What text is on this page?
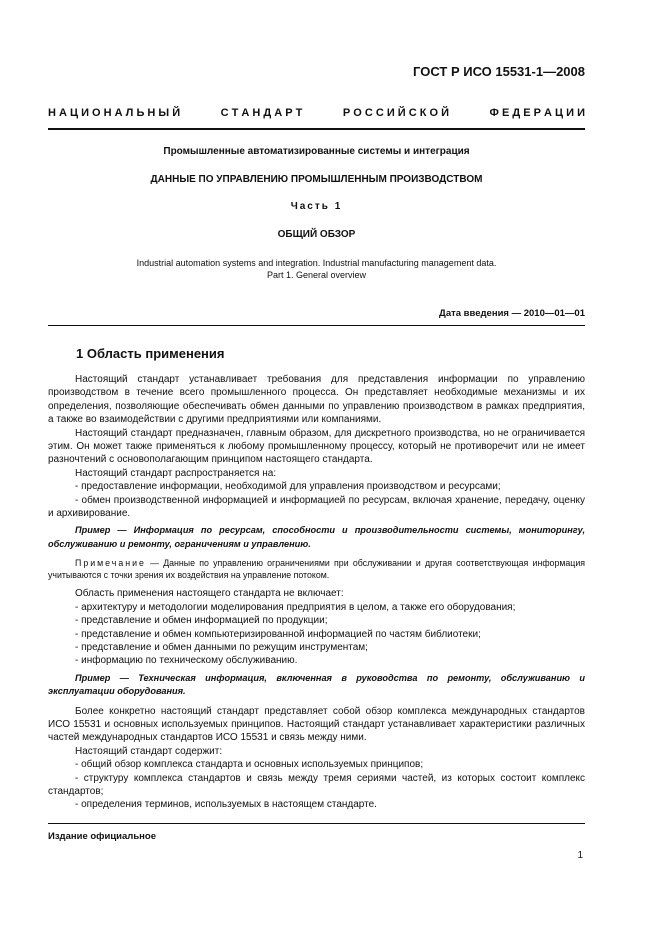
ГОСТ Р ИСО 15531-1—2008
Н А Ц И О Н А Л Ь Н Ы Й	С Т А Н Д А Р Т	Р О С С И Й С К О Й	Ф Е Д Е Р А Ц И И
Промышленные автоматизированные системы и интеграция
ДАННЫЕ ПО УПРАВЛЕНИЮ ПРОМЫШЛЕННЫМ ПРОИЗВОДСТВОМ
Часть 1
ОБЩИЙ ОБЗОР
Industrial automation systems and integration. Industrial manufacturing management data.
Part 1. General overview
Дата введения — 2010—01—01
1 Область применения

Настоящий стандарт устанавливает требования для представления информации по управлению производством в течение всего промышленного процесса. Он представляет необходимые механизмы и их определения, позволяющие обеспечивать обмен данными по управлению производством в рамках предприятия, а также во взаимодействии с другими предприятиями или компаниями.

Настоящий стандарт предназначен, главным образом, для дискретного производства, но не ограничивается этим. Он может также применяться к любому промышленному процессу, который не противоречит или не имеет разночтений с основополагающим принципом настоящего стандарта.

Настоящий стандарт распространяется на:

- предоставление информации, необходимой для управления производством и ресурсами;

- обмен производственной информацией и информацией по ресурсам, включая хранение, передачу, оценку и архивирование.

Пример — Информация по ресурсам, способности и производительности системы, мониторингу, обслуживанию и ремонту, ограничениям и управлению.

Примечание — Данные по управлению ограничениями при обслуживании и другая соответствующая информация учитываются с точки зрения их воздействия на управление потоком.

Область применения настоящего стандарта не включает:

- архитектуру и методологии моделирования предприятия в целом, а также его оборудования;

- представление и обмен информацией по продукции;

- представление и обмен компьютеризированной информацией по частям библиотеки;

- представление и обмен данными по режущим инструментам;

- информацию по техническому обслуживанию.

Пример — Техническая информация, включенная в руководства по ремонту, обслуживанию и эксплуатации оборудования.

Более конкретно настоящий стандарт представляет собой обзор комплекса международных стандартов ИСО 15531 и основных используемых принципов. Настоящий стандарт устанавливает характеристики различных частей международных стандартов ИСО 15531 и связь между ними.

Настоящий стандарт содержит:

- общий обзор комплекса стандарта и основных используемых принципов;

- структуру комплекса стандартов и связь между тремя сериями частей, из которых состоит комплекс стандартов;

- определения терминов, используемых в настоящем стандарте.

Издание официальное
1
